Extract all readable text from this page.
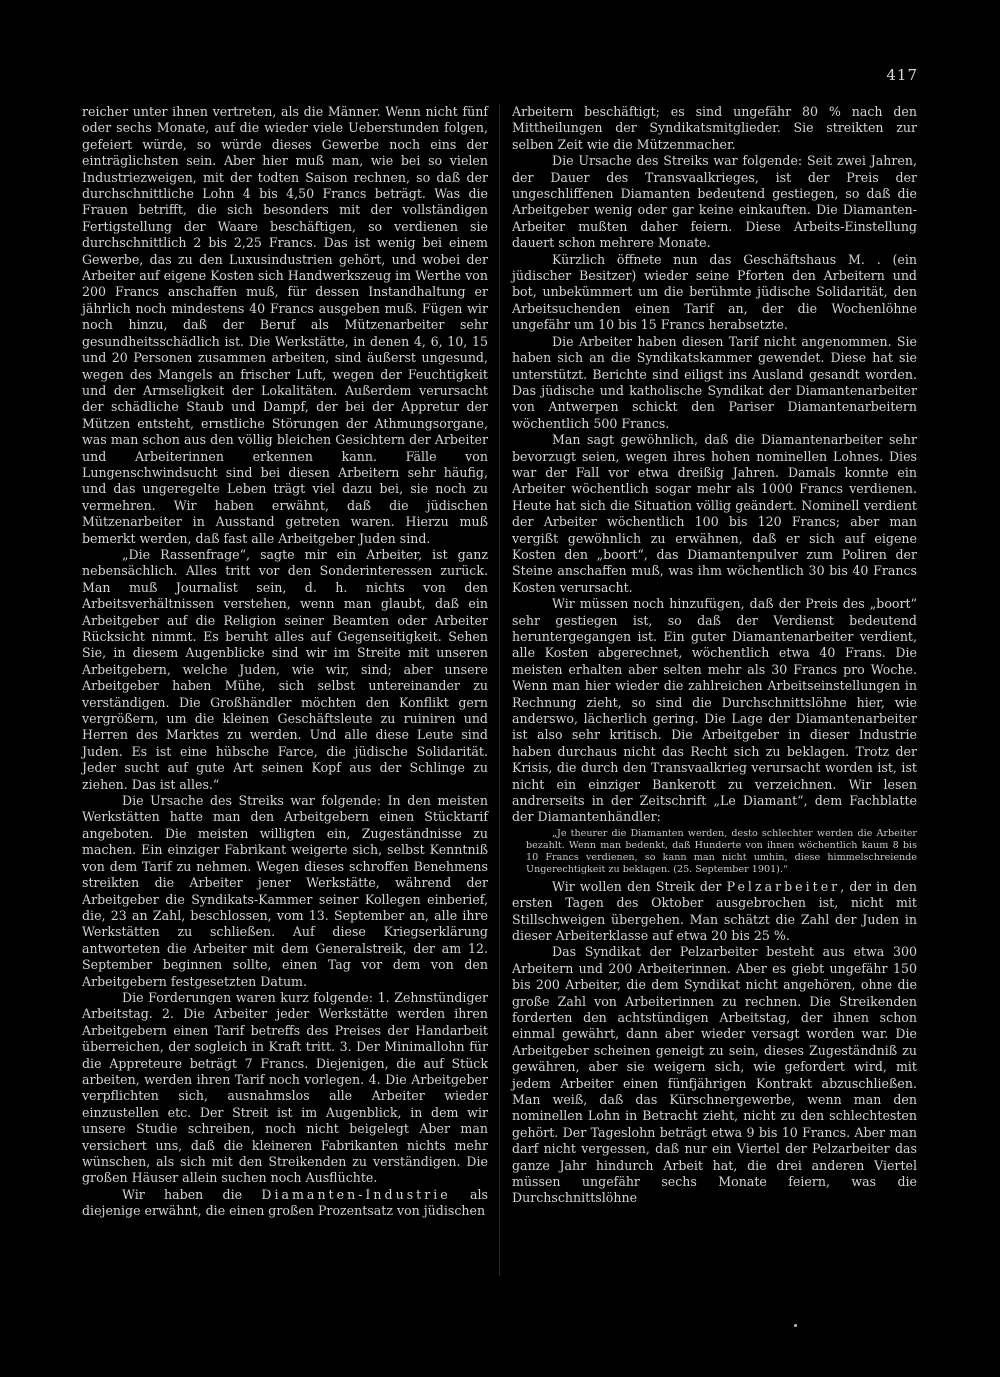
417

reicher unter ihnen vertreten, als die Männer. Wenn nicht fünf oder sechs Monate, auf die wieder viele Ueberstunden folgen, gefeiert würde, so würde dieses Gewerbe noch eins der einträglichsten sein. Aber hier muß man, wie bei so vielen Industriezweigen, mit der todten Saison rechnen, so daß der durchschnittliche Lohn 4 bis 4,50 Francs beträgt. Was die Frauen betrifft, die sich besonders mit der vollständigen Fertigstellung der Waare beschäftigen, so verdienen sie durchschnittlich 2 bis 2,25 Francs. Das ist wenig bei einem Gewerbe, das zu den Luxusindustrien gehört, und wobei der Arbeiter auf eigene Kosten sich Handwerkszeug im Werthe von 200 Francs anschaffen muß, für dessen Instandhaltung er jährlich noch mindestens 40 Francs ausgeben muß. Fügen wir noch hinzu, daß der Beruf als Mützenarbeiter sehr gesundheitsschädlich ist. Die Werkstätte, in denen 4, 6, 10, 15 und 20 Personen zusammen arbeiten, sind äußerst ungesund, wegen des Mangels an frischer Luft, wegen der Feuchtigkeit und der Armseligkeit der Lokalitäten. Außerdem verursacht der schädliche Staub und Dampf, der bei der Appretur der Mützen entsteht, ernstliche Störungen der Athmungsorgane, was man schon aus den völlig bleichen Gesichtern der Arbeiter und Arbeiterinnen erkennen kann. Fälle von Lungenschwindsucht sind bei diesen Arbeitern sehr häufig, und das ungeregelte Leben trägt viel dazu bei, sie noch zu vermehren. Wir haben erwähnt, daß die jüdischen Mützenarbeiter in Ausstand getreten waren. Hierzu muß bemerkt werden, daß fast alle Arbeitgeber Juden sind.

„Die Rassenfrage“, sagte mir ein Arbeiter, ist ganz nebensächlich. Alles tritt vor den Sonderinteressen zurück. Man muß Journalist sein, d. h. nichts von den Arbeitsverhältnissen verstehen, wenn man glaubt, daß ein Arbeitgeber auf die Religion seiner Beamten oder Arbeiter Rücksicht nimmt. Es beruht alles auf Gegenseitigkeit. Sehen Sie, in diesem Augenblicke sind wir im Streite mit unseren Arbeitgebern, welche Juden, wie wir, sind; aber unsere Arbeitgeber haben Mühe, sich selbst untereinander zu verständigen. Die Großhändler möchten den Konflikt gern vergrößern, um die kleinen Geschäftsleute zu ruiniren und Herren des Marktes zu werden. Und alle diese Leute sind Juden. Es ist eine hübsche Farce, die jüdische Solidarität. Jeder sucht auf gute Art seinen Kopf aus der Schlinge zu ziehen. Das ist alles.“

Die Ursache des Streiks war folgende: In den meisten Werkstätten hatte man den Arbeitgebern einen Stücktarif angeboten. Die meisten willigten ein, Zugeständnisse zu machen. Ein einziger Fabrikant weigerte sich, selbst Kenntniß von dem Tarif zu nehmen. Wegen dieses schroffen Benehmens streikten die Arbeiter jener Werkstätte, während der Arbeitgeber die Syndikats-Kammer seiner Kollegen einberief, die, 23 an Zahl, beschlossen, vom 13. September an, alle ihre Werkstätten zu schließen. Auf diese Kriegserklärung antworteten die Arbeiter mit dem Generalstreik, der am 12. September beginnen sollte, einen Tag vor dem von den Arbeitgebern festgesetzten Datum.

Die Forderungen waren kurz folgende: 1. Zehnstündiger Arbeitstag. 2. Die Arbeiter jeder Werkstätte werden ihren Arbeitgebern einen Tarif betreffs des Preises der Handarbeit überreichen, der sogleich in Kraft tritt. 3. Der Minimallohn für die Appreteure beträgt 7 Francs. Diejenigen, die auf Stück arbeiten, werden ihren Tarif noch vorlegen. 4. Die Arbeitgeber verpflichten sich, ausnahmslos alle Arbeiter wieder einzustellen etc. Der Streit ist im Augenblick, in dem wir unsere Studie schreiben, noch nicht beigelegt Aber man versichert uns, daß die kleineren Fabrikanten nichts mehr wünschen, als sich mit den Streikenden zu verständigen. Die großen Häuser allein suchen noch Ausflüchte.

Wir haben die Diamanten-Industrie als diejenige erwähnt, die einen großen Prozentsatz von jüdischen

Arbeitern beschäftigt; es sind ungefähr 80 % nach den Mittheilungen der Syndikatsmitglieder. Sie streikten zur selben Zeit wie die Mützenmacher.

Die Ursache des Streiks war folgende: Seit zwei Jahren, der Dauer des Transvaalkrieges, ist der Preis der ungeschliffenen Diamanten bedeutend gestiegen, so daß die Arbeitgeber wenig oder gar keine einkauften. Die Diamanten-Arbeiter mußten daher feiern. Diese Arbeits-Einstellung dauert schon mehrere Monate.

Kürzlich öffnete nun das Geschäftshaus M. . (ein jüdischer Besitzer) wieder seine Pforten den Arbeitern und bot, unbekümmert um die berühmte jüdische Solidarität, den Arbeitsuchenden einen Tarif an, der die Wochenlöhne ungefähr um 10 bis 15 Francs herabsetzte.

Die Arbeiter haben diesen Tarif nicht angenommen. Sie haben sich an die Syndikatskammer gewendet. Diese hat sie unterstützt. Berichte sind eiligst ins Ausland gesandt worden. Das jüdische und katholische Syndikat der Diamantenarbeiter von Antwerpen schickt den Pariser Diamantenarbeitern wöchentlich 500 Francs.

Man sagt gewöhnlich, daß die Diamantenarbeiter sehr bevorzugt seien, wegen ihres hohen nominellen Lohnes. Dies war der Fall vor etwa dreißig Jahren. Damals konnte ein Arbeiter wöchentlich sogar mehr als 1000 Francs verdienen. Heute hat sich die Situation völlig geändert. Nominell verdient der Arbeiter wöchentlich 100 bis 120 Francs; aber man vergißt gewöhnlich zu erwähnen, daß er sich auf eigene Kosten den „boort“, das Diamantenpulver zum Poliren der Steine anschaffen muß, was ihm wöchentlich 30 bis 40 Francs Kosten verursacht.

Wir müssen noch hinzufügen, daß der Preis des „boort“ sehr gestiegen ist, so daß der Verdienst bedeutend heruntergegangen ist. Ein guter Diamantenarbeiter verdient, alle Kosten abgerechnet, wöchentlich etwa 40 Frans. Die meisten erhalten aber selten mehr als 30 Francs pro Woche. Wenn man hier wieder die zahlreichen Arbeitseinstellungen in Rechnung zieht, so sind die Durchschnittslöhne hier, wie anderswo, lächerlich gering. Die Lage der Diamantenarbeiter ist also sehr kritisch. Die Arbeitgeber in dieser Industrie haben durchaus nicht das Recht sich zu beklagen. Trotz der Krisis, die durch den Transvaalkrieg verursacht worden ist, ist nicht ein einziger Bankerott zu verzeichnen. Wir lesen andrerseits in der Zeitschrift „Le Diamant“, dem Fachblatte der Diamantenhändler:

„Je theurer die Diamanten werden, desto schlechter werden die Arbeiter bezahlt. Wenn man bedenkt, daß Hunderte von ihnen wöchentlich kaum 8 bis 10 Francs verdienen, so kann man nicht umhin, diese himmelschreiende Ungerechtigkeit zu beklagen. (25. September 1901).“

Wir wollen den Streik der Pelzarbeiter, der in den ersten Tagen des Oktober ausgebrochen ist, nicht mit Stillschweigen übergehen. Man schätzt die Zahl der Juden in dieser Arbeiterklasse auf etwa 20 bis 25 %.

Das Syndikat der Pelzarbeiter besteht aus etwa 300 Arbeitern und 200 Arbeiterinnen. Aber es giebt ungefähr 150 bis 200 Arbeiter, die dem Syndikat nicht angehören, ohne die große Zahl von Arbeiterinnen zu rechnen. Die Streikenden forderten den achtstündigen Arbeitstag, der ihnen schon einmal gewährt, dann aber wieder versagt worden war. Die Arbeitgeber scheinen geneigt zu sein, dieses Zugeständniß zu gewähren, aber sie weigern sich, wie gefordert wird, mit jedem Arbeiter einen fünfjährigen Kontrakt abzuschließen. Man weiß, daß das Kürschnergewerbe, wenn man den nominellen Lohn in Betracht zieht, nicht zu den schlechtesten gehört. Der Tageslohn beträgt etwa 9 bis 10 Francs. Aber man darf nicht vergessen, daß nur ein Viertel der Pelzarbeiter das ganze Jahr hindurch Arbeit hat, die drei anderen Viertel müssen ungefähr sechs Monate feiern, was die Durchschnittslöhne
